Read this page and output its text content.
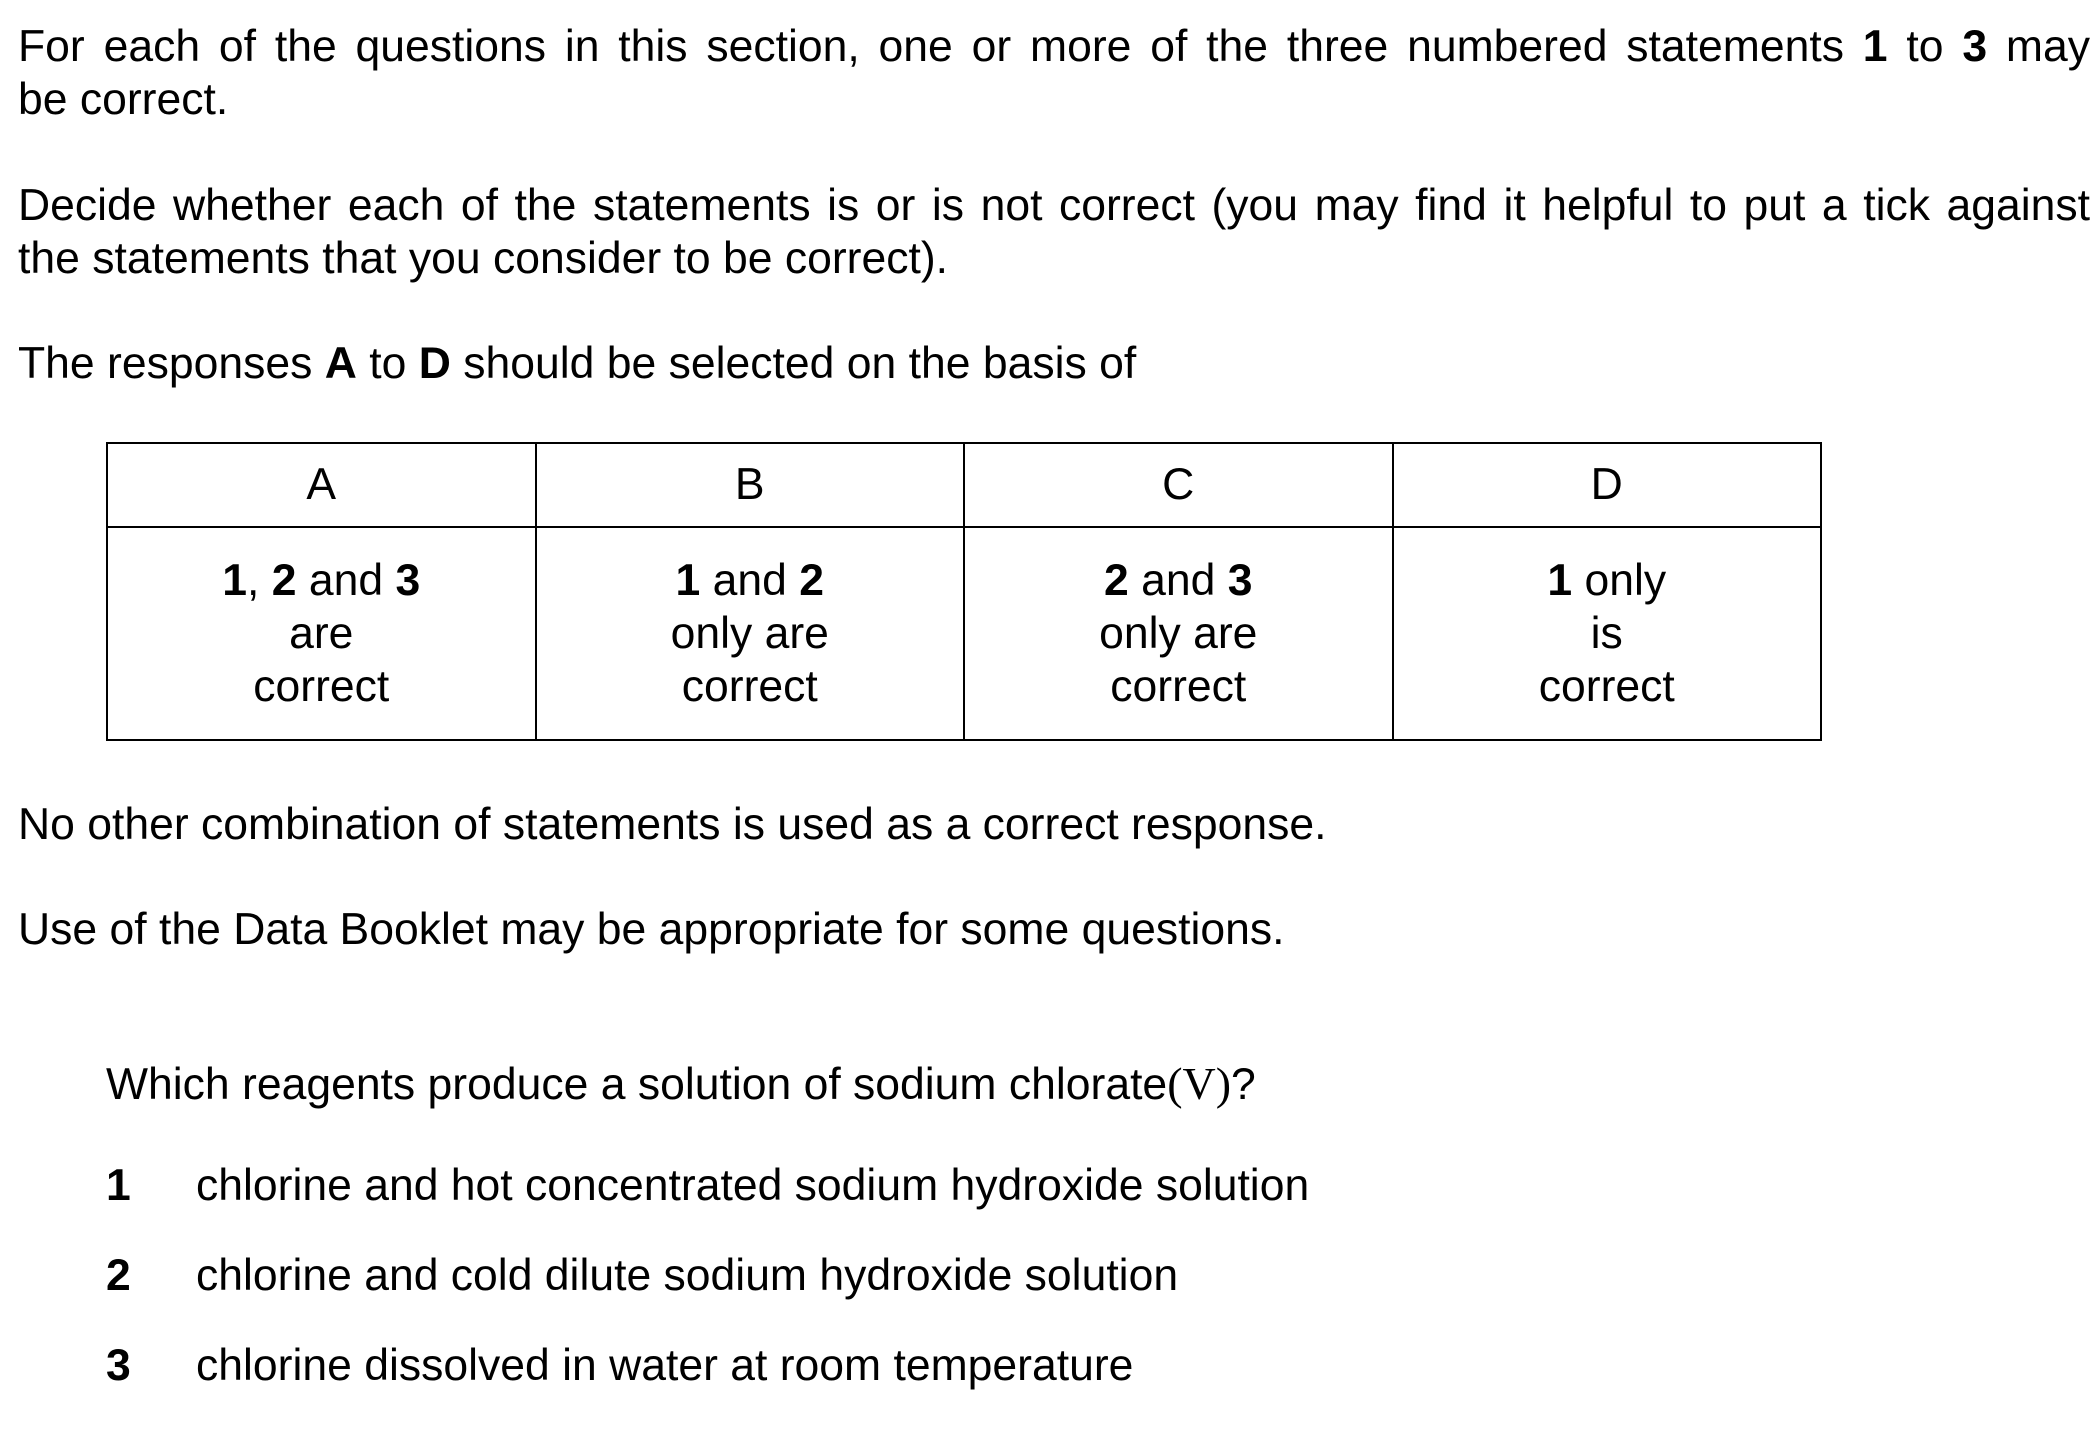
For each of the questions in this section, one or more of the three numbered statements 1 to 3 may
be correct.
Decide whether each of the statements is or is not correct (you may find it helpful to put a tick against
the statements that you consider to be correct).
The responses A to D should be selected on the basis of
A	B	C	D

1, 2 and 3
are
correct	1 and 2
only are
correct	2 and 3
only are
correct	1 only
is
correct
No other combination of statements is used as a correct response.
Use of the Data Booklet may be appropriate for some questions.
Which reagents produce a solution of sodium chlorate(V)?
1 chlorine and hot concentrated sodium hydroxide solution
2 chlorine and cold dilute sodium hydroxide solution
3 chlorine dissolved in water at room temperature
